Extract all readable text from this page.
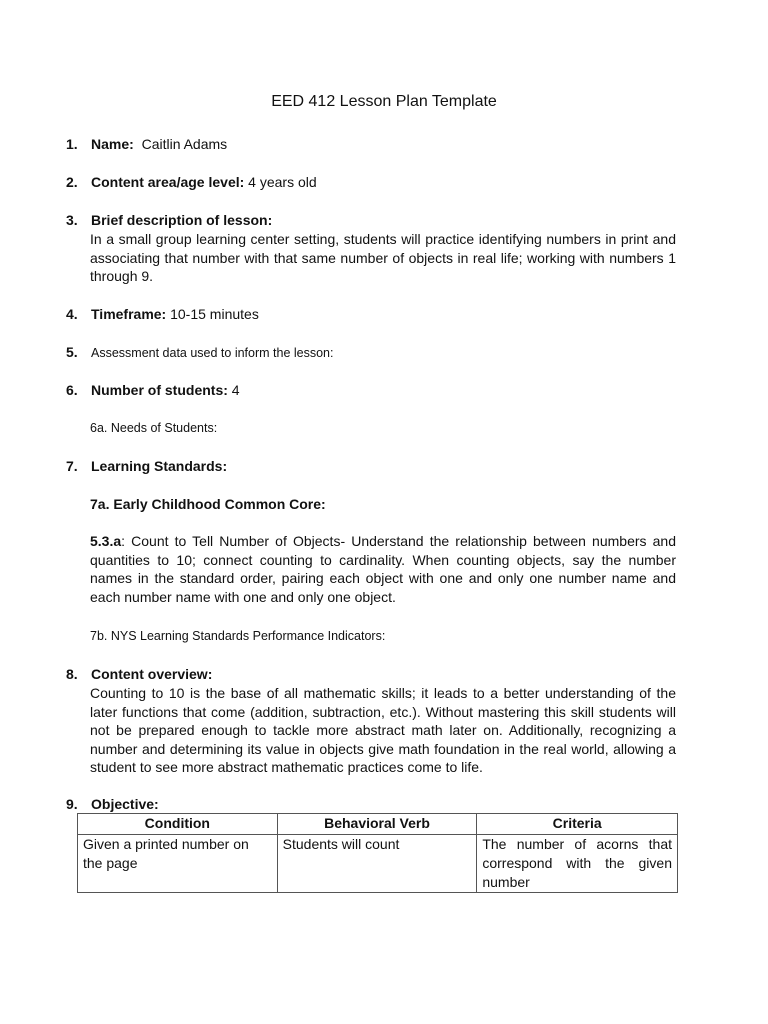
EED 412 Lesson Plan Template
1. Name: Caitlin Adams
2. Content area/age level: 4 years old
3. Brief description of lesson:
In a small group learning center setting, students will practice identifying numbers in print and associating that number with that same number of objects in real life; working with numbers 1 through 9.
4. Timeframe: 10-15 minutes
5. Assessment data used to inform the lesson:
6. Number of students: 4
6a. Needs of Students:
7. Learning Standards:
7a. Early Childhood Common Core:
5.3.a: Count to Tell Number of Objects- Understand the relationship between numbers and quantities to 10; connect counting to cardinality. When counting objects, say the number names in the standard order, pairing each object with one and only one number name and each number name with one and only one object.
7b. NYS Learning Standards Performance Indicators:
8. Content overview:
Counting to 10 is the base of all mathematic skills; it leads to a better understanding of the later functions that come (addition, subtraction, etc.). Without mastering this skill students will not be prepared enough to tackle more abstract math later on. Additionally, recognizing a number and determining its value in objects give math foundation in the real world, allowing a student to see more abstract mathematic practices come to life.
9. Objective:
Condition	Behavioral Verb	Criteria
Given a printed number on the page	Students will count	The number of acorns that correspond with the given number
